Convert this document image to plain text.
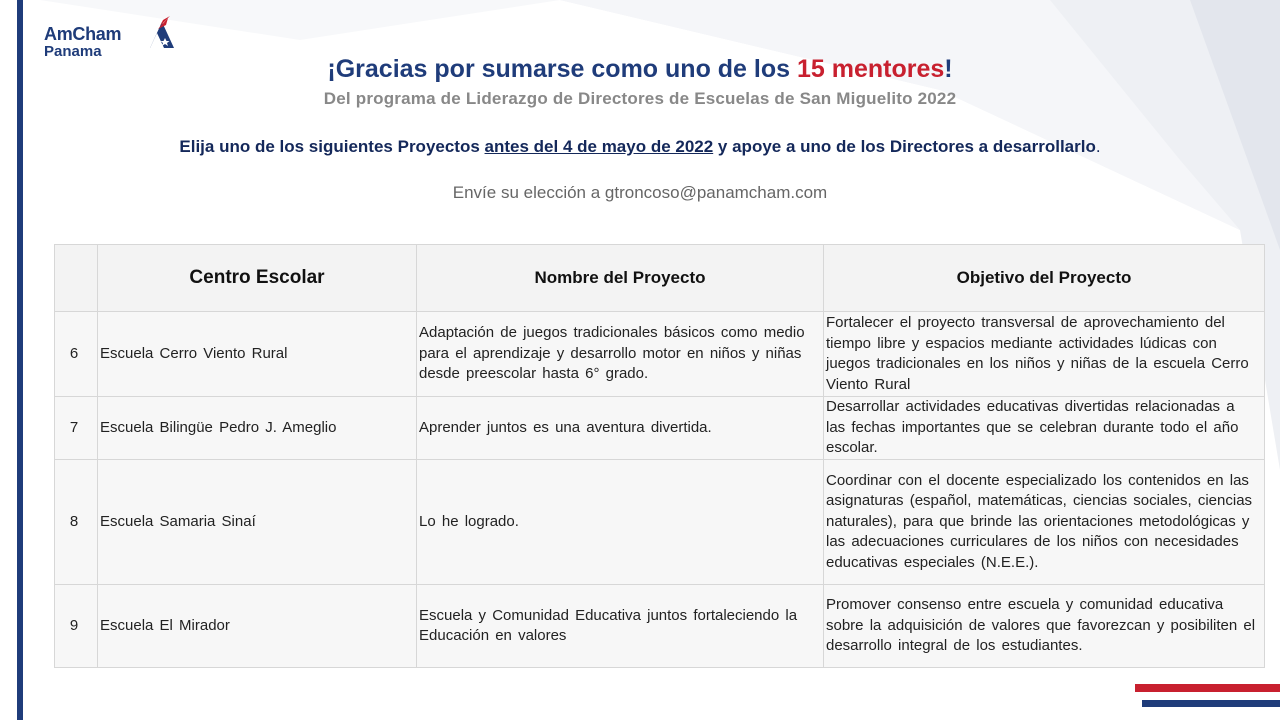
AmCham
Panama
¡Gracias por sumarse como uno de los 15 mentores!
Del programa de Liderazgo de Directores de Escuelas de San Miguelito 2022
Elija uno de los siguientes Proyectos antes del 4 de mayo de 2022 y apoye a uno de los Directores a desarrollarlo.
Envíe su elección a gtroncoso@panamcham.com
	Centro Escolar	Nombre del Proyecto	Objetivo del Proyecto
6	Escuela Cerro Viento Rural	Adaptación de juegos tradicionales básicos como medio para el aprendizaje y desarrollo motor en niños y niñas desde preescolar hasta 6° grado.	Fortalecer el proyecto transversal de aprovechamiento del tiempo libre y espacios mediante actividades lúdicas con juegos tradicionales en los niños y niñas de la escuela Cerro Viento Rural
7	Escuela Bilingüe Pedro J. Ameglio	Aprender juntos es una aventura divertida.	Desarrollar actividades educativas divertidas relacionadas a las fechas importantes que se celebran durante todo el año escolar.
8	Escuela Samaria Sinaí	Lo he logrado.	Coordinar con el docente especializado los contenidos en las asignaturas (español, matemáticas, ciencias sociales, ciencias naturales), para que brinde las orientaciones metodológicas y las adecuaciones curriculares de los niños con necesidades educativas especiales (N.E.E.).
9	Escuela El Mirador	Escuela y Comunidad Educativa juntos fortaleciendo la Educación en valores	Promover consenso entre escuela y comunidad educativa sobre la adquisición de valores que favorezcan y posibiliten el desarrollo integral de los estudiantes.
